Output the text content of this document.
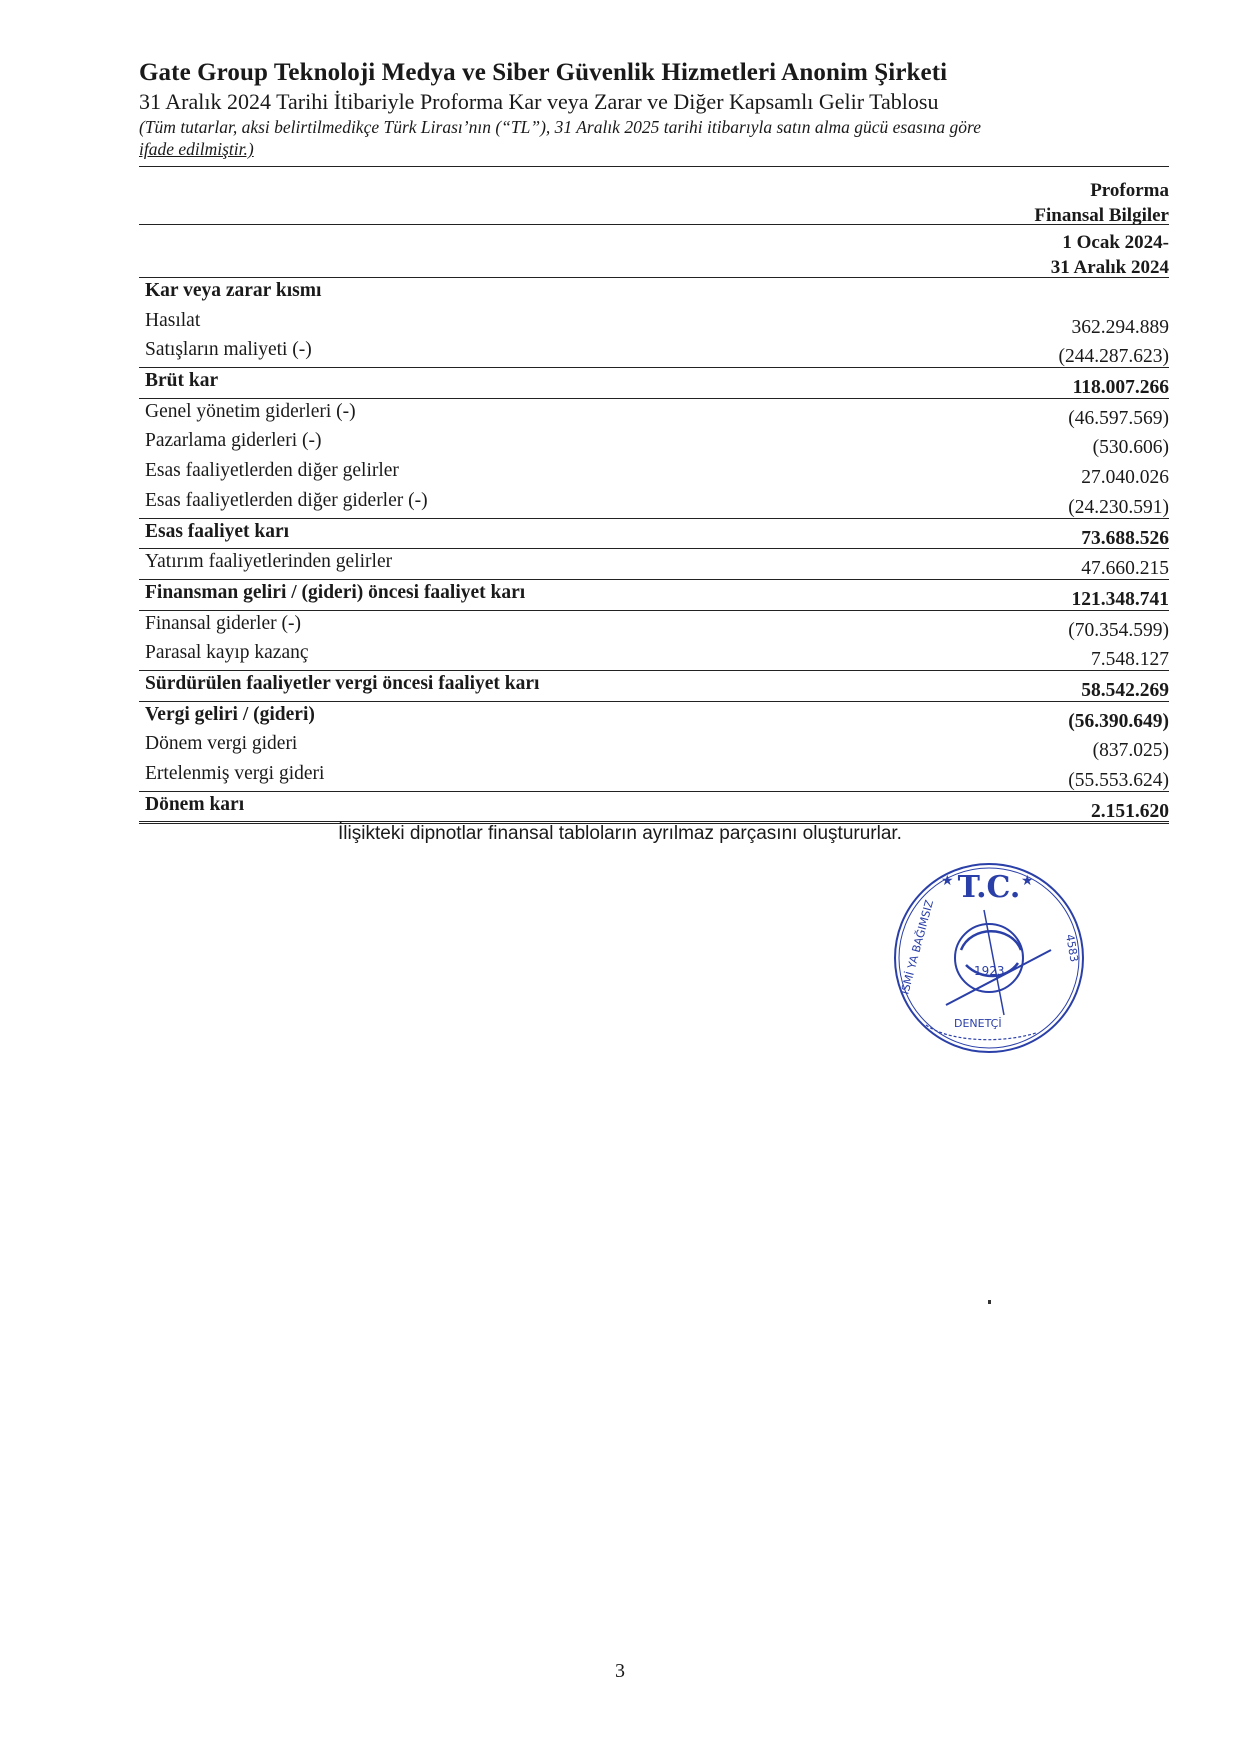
Gate Group Teknoloji Medya ve Siber Güvenlik Hizmetleri Anonim Şirketi
31 Aralık 2024 Tarihi İtibariyle Proforma Kar veya Zarar ve Diğer Kapsamlı Gelir Tablosu
(Tüm tutarlar, aksi belirtilmedikçe Türk Lirası’nın (“TL”), 31 Aralık 2025 tarihi itibarıyla satın alma gücü esasına göre
ifade edilmiştir.)
Proforma
Finansal Bilgiler
1 Ocak 2024-
31 Aralık 2024
Kar veya zarar kısmı
Hasılat	362.294.889
Satışların maliyeti (-)	(244.287.623)
Brüt kar	118.007.266
Genel yönetim giderleri (-)	(46.597.569)
Pazarlama giderleri (-)	(530.606)
Esas faaliyetlerden diğer gelirler	27.040.026
Esas faaliyetlerden diğer giderler (-)	(24.230.591)
Esas faaliyet karı	73.688.526
Yatırım faaliyetlerinden gelirler	47.660.215
Finansman geliri / (gideri) öncesi faaliyet karı	121.348.741
Finansal giderler (-)	(70.354.599)
Parasal kayıp kazanç	7.548.127
Sürdürülen faaliyetler vergi öncesi faaliyet karı	58.542.269
Vergi geliri / (gideri)	(56.390.649)
Dönem vergi gideri	(837.025)
Ertelenmiş vergi gideri	(55.553.624)
Dönem karı	2.151.620
İlişikteki dipnotlar finansal tabloların ayrılmaz parçasını oluştururlar.
T.C.
★	★
ISMİ YA BAĞIMSIZ	4583
DENETÇİ
1923
3
